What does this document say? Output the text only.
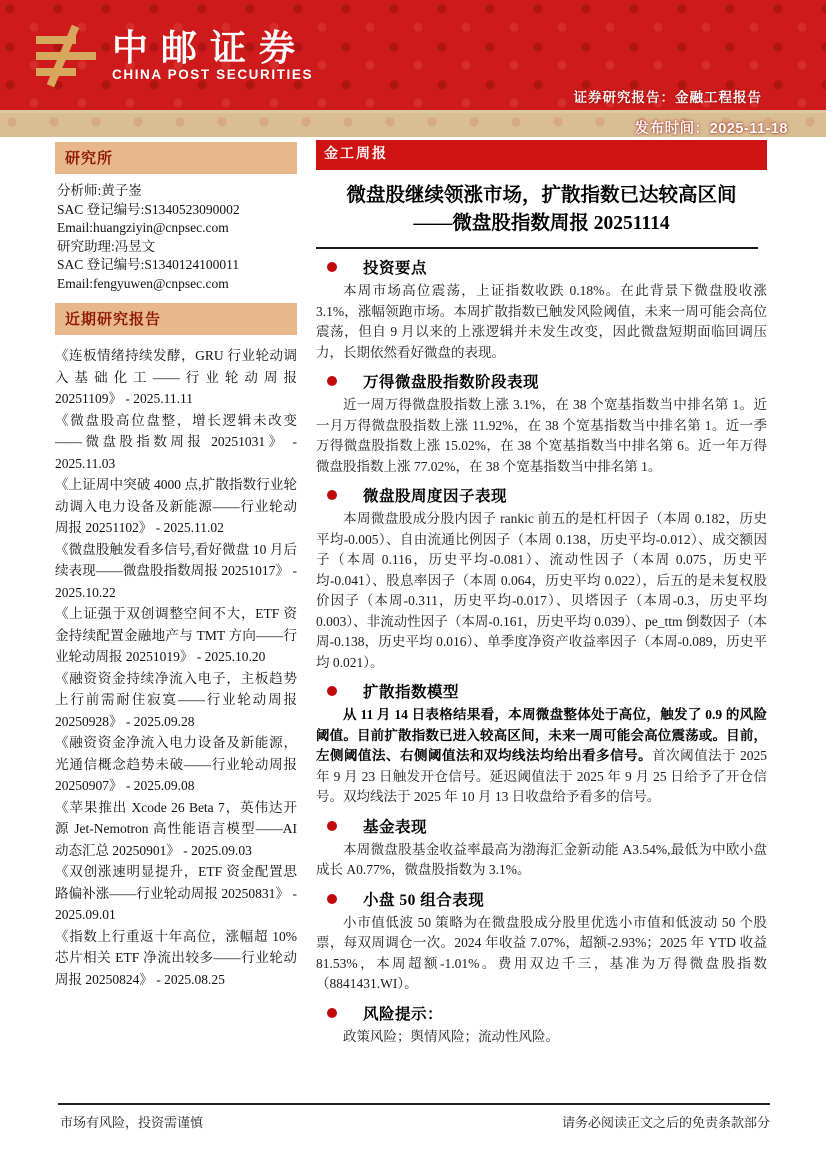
中邮证券
CHINA POST SECURITIES
证券研究报告：金融工程报告
发布时间：2025-11-18
研究所
分析师:黄子崟
SAC 登记编号:S1340523090002
Email:huangziyin@cnpsec.com
研究助理:冯昱文
SAC 登记编号:S1340124100011
Email:fengyuwen@cnpsec.com
近期研究报告
《连板情绪持续发酵，GRU 行业轮动调入基础化工——行业轮动周报 20251109》 - 2025.11.11
《微盘股高位盘整，增长逻辑未改变——微盘股指数周报 20251031》 - 2025.11.03
《上证周中突破 4000 点,扩散指数行业轮动调入电力设备及新能源——行业轮动周报 20251102》 - 2025.11.02
《微盘股触发看多信号,看好微盘 10 月后续表现——微盘股指数周报 20251017》 - 2025.10.22
《上证强于双创调整空间不大，ETF 资金持续配置金融地产与 TMT 方向——行业轮动周报 20251019》 - 2025.10.20
《融资资金持续净流入电子，主板趋势上行前需耐住寂寞——行业轮动周报 20250928》 - 2025.09.28
《融资资金净流入电力设备及新能源，光通信概念趋势未破——行业轮动周报 20250907》 - 2025.09.08
《苹果推出 Xcode 26 Beta 7，英伟达开源 Jet-Nemotron 高性能语言模型——AI 动态汇总 20250901》 - 2025.09.03
《双创涨速明显提升，ETF 资金配置思路偏补涨——行业轮动周报 20250831》 - 2025.09.01
《指数上行重返十年高位，涨幅超 10% 芯片相关 ETF 净流出较多——行业轮动周报 20250824》 - 2025.08.25
金工周报
微盘股继续领涨市场，扩散指数已达较高区间
——微盘股指数周报 20251114
投资要点

本周市场高位震荡，上证指数收跌 0.18%。在此背景下微盘股收涨 3.1%，涨幅领跑市场。本周扩散指数已触发风险阈值，未来一周可能会高位震荡，但自 9 月以来的上涨逻辑并未发生改变，因此微盘短期面临回调压力，长期依然看好微盘的表现。

万得微盘股指数阶段表现

近一周万得微盘股指数上涨 3.1%，在 38 个宽基指数当中排名第 1。近一月万得微盘股指数上涨 11.92%，在 38 个宽基指数当中排名第 1。近一季万得微盘股指数上涨 15.02%，在 38 个宽基指数当中排名第 6。近一年万得微盘股指数上涨 77.02%，在 38 个宽基指数当中排名第 1。

微盘股周度因子表现

本周微盘股成分股内因子 rankic 前五的是杠杆因子（本周 0.182，历史平均-0.005）、自由流通比例因子（本周 0.138，历史平均-0.012）、成交额因子（本周 0.116，历史平均-0.081）、流动性因子（本周 0.075，历史平均-0.041）、股息率因子（本周 0.064，历史平均 0.022），后五的是未复权股价因子（本周-0.311，历史平均-0.017）、贝塔因子（本周-0.3，历史平均 0.003）、非流动性因子（本周-0.161，历史平均 0.039）、pe_ttm 倒数因子（本周-0.138，历史平均 0.016）、单季度净资产收益率因子（本周-0.089，历史平均 0.021）。

扩散指数模型

从 11 月 14 日表格结果看，本周微盘整体处于高位，触发了 0.9 的风险阈值。目前扩散指数已进入较高区间，未来一周可能会高位震荡或。目前，左侧阈值法、右侧阈值法和双均线法均给出看多信号。首次阈值法于 2025 年 9 月 23 日触发开仓信号。延迟阈值法于 2025 年 9 月 25 日给予了开仓信号。双均线法于 2025 年 10 月 13 日收盘给予看多的信号。

基金表现

本周微盘股基金收益率最高为渤海汇金新动能 A3.54%,最低为中欧小盘成长 A0.77%，微盘股指数为 3.1%。

小盘 50 组合表现

小市值低波 50 策略为在微盘股成分股里优选小市值和低波动 50 个股票，每双周调仓一次。2024 年收益 7.07%，超额-2.93%；2025 年 YTD 收益 81.53%，本周超额-1.01%。费用双边千三，基准为万得微盘股指数（8841431.WI）。

风险提示：

政策风险；舆情风险；流动性风险。

市场有风险，投资需谨慎	请务必阅读正文之后的免责条款部分
